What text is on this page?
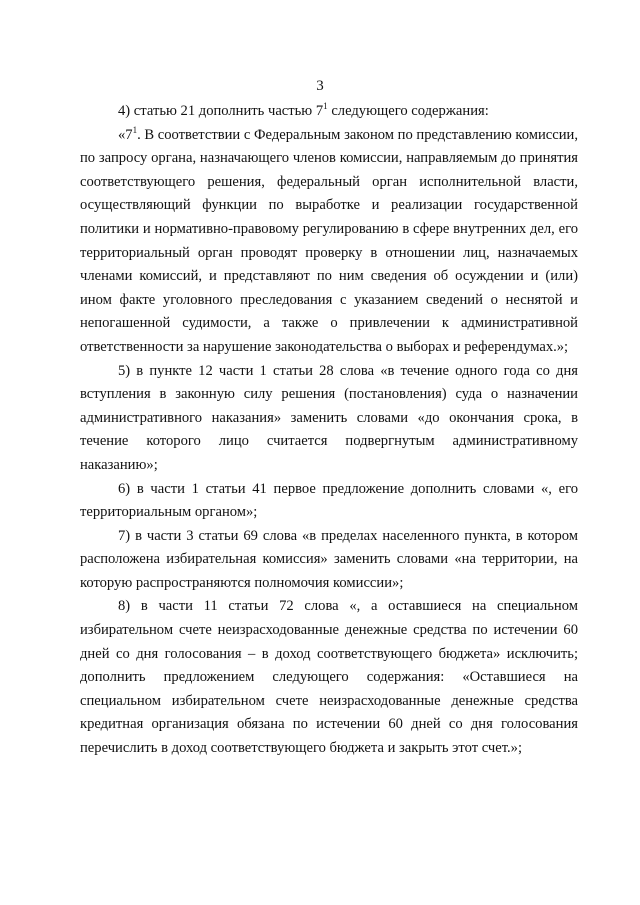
3

4) статью 21 дополнить частью $7^1$ следующего содержания:

«$7^1$. В соответствии с Федеральным законом по представлению комиссии, по запросу органа, назначающего членов комиссии, направляемым до принятия соответствующего решения, федеральный орган исполнительной власти, осуществляющий функции по выработке и реализации государственной политики и нормативно-правовому регулированию в сфере внутренних дел, его территориальный орган проводят проверку в отношении лиц, назначаемых членами комиссий, и представляют по ним сведения об осуждении и (или) ином факте уголовного преследования с указанием сведений о неснятой и непогашенной судимости, а также о привлечении к административной ответственности за нарушение законодательства о выборах и референдумах.»;

5) в пункте 12 части 1 статьи 28 слова «в течение одного года со дня вступления в законную силу решения (постановления) суда о назначении административного наказания» заменить словами «до окончания срока, в течение которого лицо считается подвергнутым административному наказанию»;

6) в части 1 статьи 41 первое предложение дополнить словами «, его территориальным органом»;

7) в части 3 статьи 69 слова «в пределах населенного пункта, в котором расположена избирательная комиссия» заменить словами «на территории, на которую распространяются полномочия комиссии»;

8) в части 11 статьи 72 слова «, а оставшиеся на специальном избирательном счете неизрасходованные денежные средства по истечении 60 дней со дня голосования – в доход соответствующего бюджета» исключить; дополнить предложением следующего содержания: «Оставшиеся на специальном избирательном счете неизрасходованные денежные средства кредитная организация обязана по истечении 60 дней со дня голосования перечислить в доход соответствующего бюджета и закрыть этот счет.»;
